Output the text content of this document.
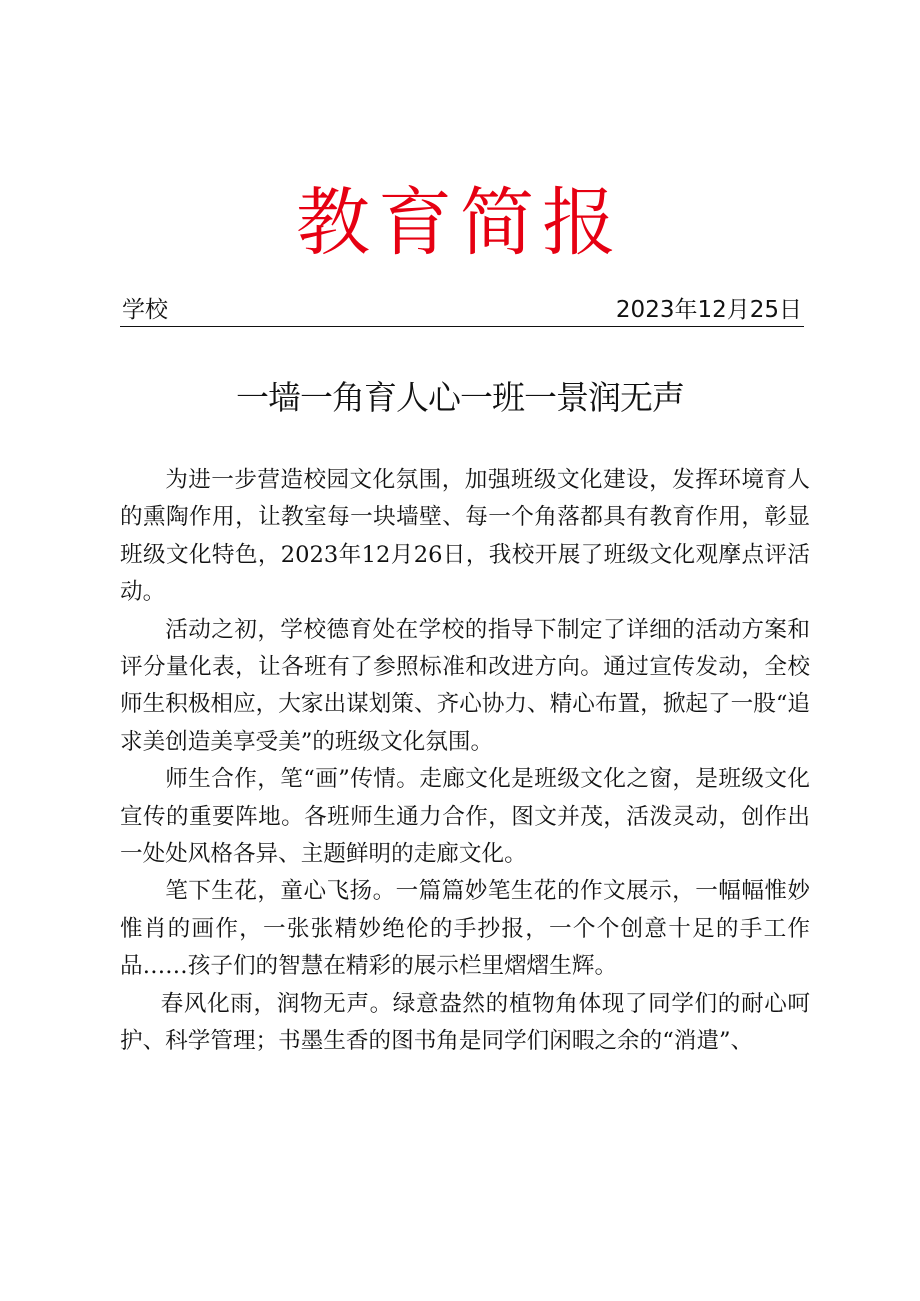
教育简报
学校	2023年12月25日
一墙一角育人心一班一景润无声

为进一步营造校园文化氛围，加强班级文化建设，发挥环境育人的熏陶作用，让教室每一块墙壁、每一个角落都具有教育作用，彰显班级文化特色，2023年12月26日，我校开展了班级文化观摩点评活动。

活动之初，学校德育处在学校的指导下制定了详细的活动方案和评分量化表，让各班有了参照标准和改进方向。通过宣传发动，全校师生积极相应，大家出谋划策、齐心协力、精心布置，掀起了一股“追求美创造美享受美”的班级文化氛围。

师生合作，笔“画”传情。走廊文化是班级文化之窗，是班级文化宣传的重要阵地。各班师生通力合作，图文并茂，活泼灵动，创作出一处处风格各异、主题鲜明的走廊文化。

笔下生花，童心飞扬。一篇篇妙笔生花的作文展示，一幅幅惟妙惟肖的画作，一张张精妙绝伦的手抄报，一个个创意十足的手工作品……孩子们的智慧在精彩的展示栏里熠熠生辉。

春风化雨，润物无声。绿意盎然的植物角体现了同学们的耐心呵护、科学管理；书墨生香的图书角是同学们闲暇之余的“消遣”、
